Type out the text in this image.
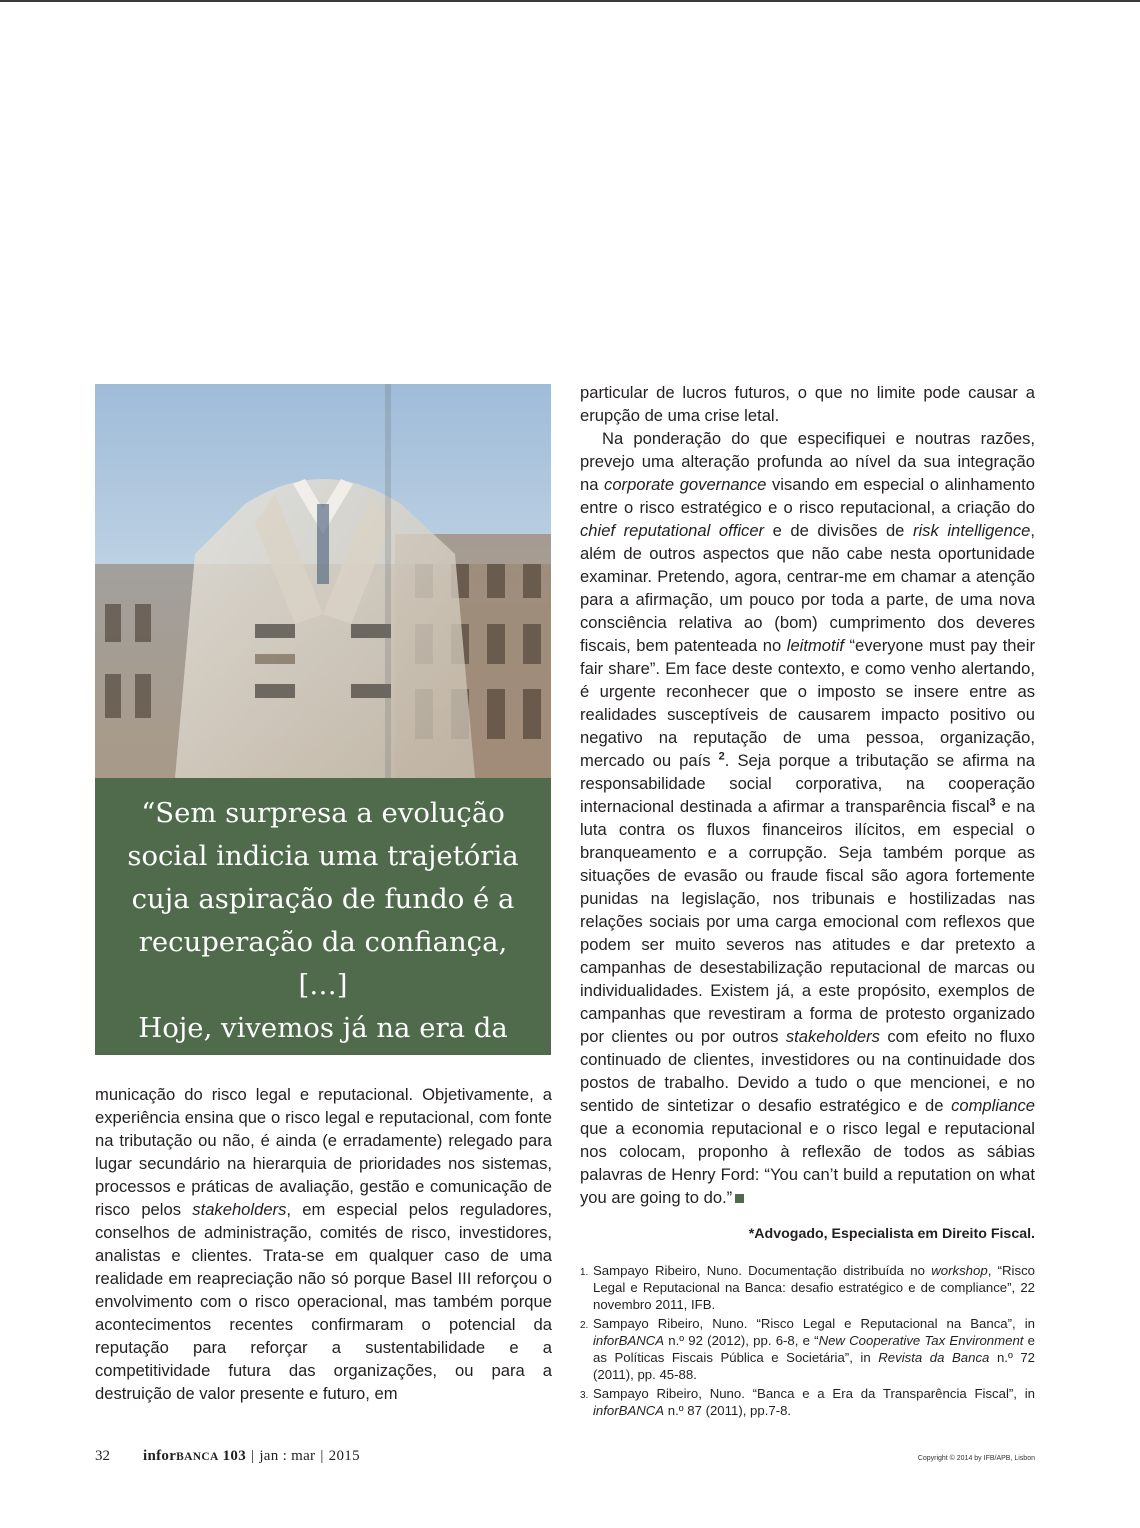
“Sem surpresa a evolução

social indicia uma trajetória

cuja aspiração de fundo é a

recuperação da confiança, […]

Hoje, vivemos já na era da

economia reputacional.”

municação do risco legal e reputacional. Objetivamente, a experiência ensina que o risco legal e reputacional, com fonte na tributação ou não, é ainda (e erradamente) relegado para lugar secundário na hierarquia de prioridades nos sistemas, processos e práticas de avaliação, gestão e comunicação de risco pelos stakeholders, em especial pelos reguladores, conselhos de administração, comités de risco, investidores, analistas e clientes. Trata-se em qualquer caso de uma realidade em reapreciação não só porque Basel III reforçou o envolvimento com o risco operacional, mas também porque acontecimentos recentes confirmaram o potencial da reputação para reforçar a sustentabilidade e a competitividade futura das organizações, ou para a destruição de valor presente e futuro, em

particular de lucros futuros, o que no limite pode causar a erupção de uma crise letal.

Na ponderação do que especifiquei e noutras razões, prevejo uma alteração profunda ao nível da sua integração na corporate governance visando em especial o alinhamento entre o risco estratégico e o risco reputacional, a criação do chief reputational officer e de divisões de risk intelligence, além de outros aspectos que não cabe nesta oportunidade examinar. Pretendo, agora, centrar-me em chamar a atenção para a afirmação, um pouco por toda a parte, de uma nova consciência relativa ao (bom) cumprimento dos deveres fiscais, bem patenteada no leitmotif “everyone must pay their fair share”. Em face deste contexto, e como venho alertando, é urgente reconhecer que o imposto se insere entre as realidades susceptíveis de causarem impacto positivo ou negativo na reputação de uma pessoa, organização, mercado ou país $^2$. Seja porque a tributação se afirma na responsabilidade social corporativa, na cooperação internacional destinada a afirmar a transparência fiscal$^3$ e na luta contra os fluxos financeiros ilícitos, em especial o branqueamento e a corrupção. Seja também porque as situações de evasão ou fraude fiscal são agora fortemente punidas na legislação, nos tribunais e hostilizadas nas relações sociais por uma carga emocional com reflexos que podem ser muito severos nas atitudes e dar pretexto a campanhas de desestabilização reputacional de marcas ou individualidades. Existem já, a este propósito, exemplos de campanhas que revestiram a forma de protesto organizado por clientes ou por outros stakeholders com efeito no fluxo continuado de clientes, investidores ou na continuidade dos postos de trabalho. Devido a tudo o que mencionei, e no sentido de sintetizar o desafio estratégico e de compliance que a economia reputacional e o risco legal e reputacional nos colocam, proponho à reflexão de todos as sábias palavras de Henry Ford: “You can’t build a reputation on what you are going to do.”

*Advogado, Especialista em Direito Fiscal.
1. Sampayo Ribeiro, Nuno. Documentação distribuída no workshop, “Risco Legal e Reputacional na Banca: desafio estratégico e de compliance”, 22 novembro 2011, IFB.
2. Sampayo Ribeiro, Nuno. “Risco Legal e Reputacional na Banca”, in inforBANCA n.º 92 (2012), pp. 6-8, e “New Cooperative Tax Environment e as Políticas Fiscais Pública e Societária”, in Revista da Banca n.º 72 (2011), pp. 45-88.
3. Sampayo Ribeiro, Nuno. “Banca e a Era da Transparência Fiscal”, in inforBANCA n.º 87 (2011), pp.7-8.
32 inforBANCA 103 | jan : mar | 2015	Copyright © 2014 by IFB/APB, Lisbon
